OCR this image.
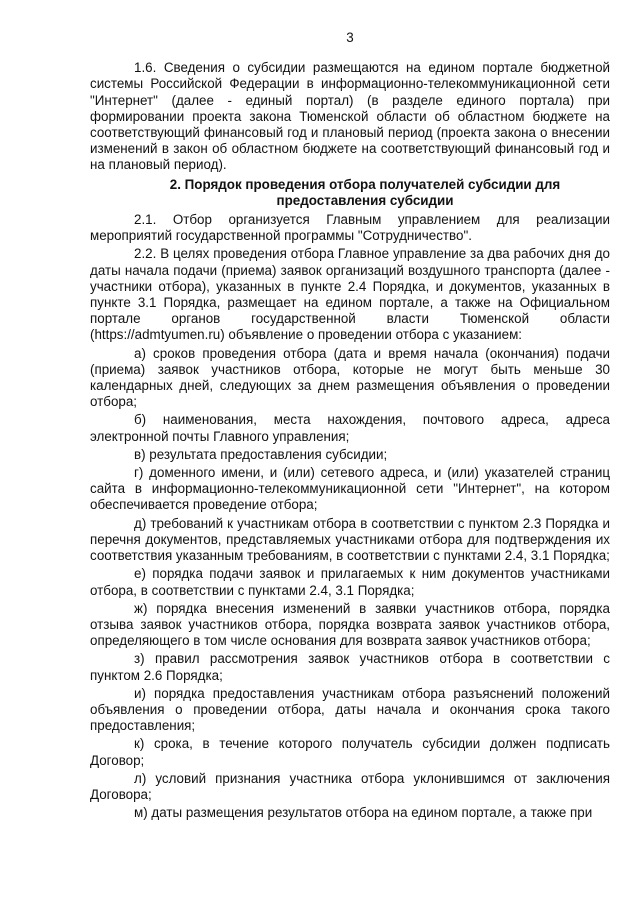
3

1.6. Сведения о субсидии размещаются на едином портале бюджетной системы Российской Федерации в информационно-телекоммуникационной сети "Интернет" (далее - единый портал) (в разделе единого портала) при формировании проекта закона Тюменской области об областном бюджете на соответствующий финансовый год и плановый период (проекта закона о внесении изменений в закон об областном бюджете на соответствующий финансовый год и на плановый период).

2. Порядок проведения отбора получателей субсидии для предоставления субсидии

2.1. Отбор организуется Главным управлением для реализации мероприятий государственной программы "Сотрудничество".

2.2. В целях проведения отбора Главное управление за два рабочих дня до даты начала подачи (приема) заявок организаций воздушного транспорта (далее - участники отбора), указанных в пункте 2.4 Порядка, и документов, указанных в пункте 3.1 Порядка, размещает на едином портале, а также на Официальном портале органов государственной власти Тюменской области (https://admtyumen.ru) объявление о проведении отбора с указанием:

а) сроков проведения отбора (дата и время начала (окончания) подачи (приема) заявок участников отбора, которые не могут быть меньше 30 календарных дней, следующих за днем размещения объявления о проведении отбора;

б) наименования, места нахождения, почтового адреса, адреса электронной почты Главного управления;

в) результата предоставления субсидии;

г) доменного имени, и (или) сетевого адреса, и (или) указателей страниц сайта в информационно-телекоммуникационной сети "Интернет", на котором обеспечивается проведение отбора;

д) требований к участникам отбора в соответствии с пунктом 2.3 Порядка и перечня документов, представляемых участниками отбора для подтверждения их соответствия указанным требованиям, в соответствии с пунктами 2.4, 3.1 Порядка;

е) порядка подачи заявок и прилагаемых к ним документов участниками отбора, в соответствии с пунктами 2.4, 3.1 Порядка;

ж) порядка внесения изменений в заявки участников отбора, порядка отзыва заявок участников отбора, порядка возврата заявок участников отбора, определяющего в том числе основания для возврата заявок участников отбора;

з) правил рассмотрения заявок участников отбора в соответствии с пунктом 2.6 Порядка;

и) порядка предоставления участникам отбора разъяснений положений объявления о проведении отбора, даты начала и окончания срока такого предоставления;

к) срока, в течение которого получатель субсидии должен подписать Договор;

л) условий признания участника отбора уклонившимся от заключения Договора;

м) даты размещения результатов отбора на едином портале, а также при
